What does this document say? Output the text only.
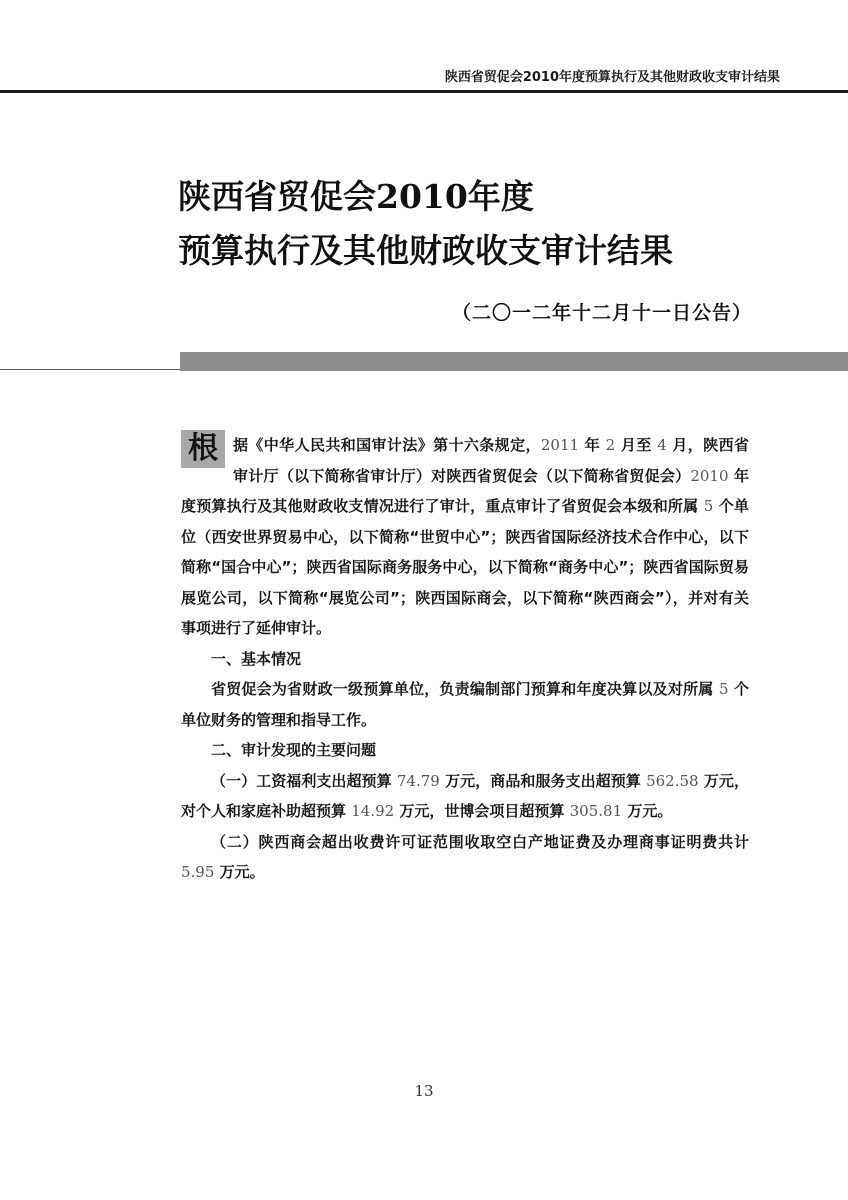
陕西省贸促会2010年度预算执行及其他财政收支审计结果
陕西省贸促会2010年度
预算执行及其他财政收支审计结果
（二〇一二年十二月十一日公告）

根	据《中华人民共和国审计法》第十六条规定，2011 年 2 月至 4 月，陕西省审计厅（以下简称省审计厅）对陕西省贸促会（以下简称省贸促会）2010 年度预算执行及其他财政收支情况进行了审计，重点审计了省贸促会本级和所属 5 个单位（西安世界贸易中心，以下简称“世贸中心”；陕西省国际经济技术合作中心，以下简称“国合中心”；陕西省国际商务服务中心，以下简称“商务中心”；陕西省国际贸易展览公司，以下简称“展览公司”；陕西国际商会，以下简称“陕西商会”），并对有关事项进行了延伸审计。

一、基本情况

省贸促会为省财政一级预算单位，负责编制部门预算和年度决算以及对所属 5 个单位财务的管理和指导工作。

二、审计发现的主要问题

（一）工资福利支出超预算 74.79 万元，商品和服务支出超预算 562.58 万元，对个人和家庭补助超预算 14.92 万元，世博会项目超预算 305.81 万元。

（二）陕西商会超出收费许可证范围收取空白产地证费及办理商事证明费共计 5.95 万元。

13
